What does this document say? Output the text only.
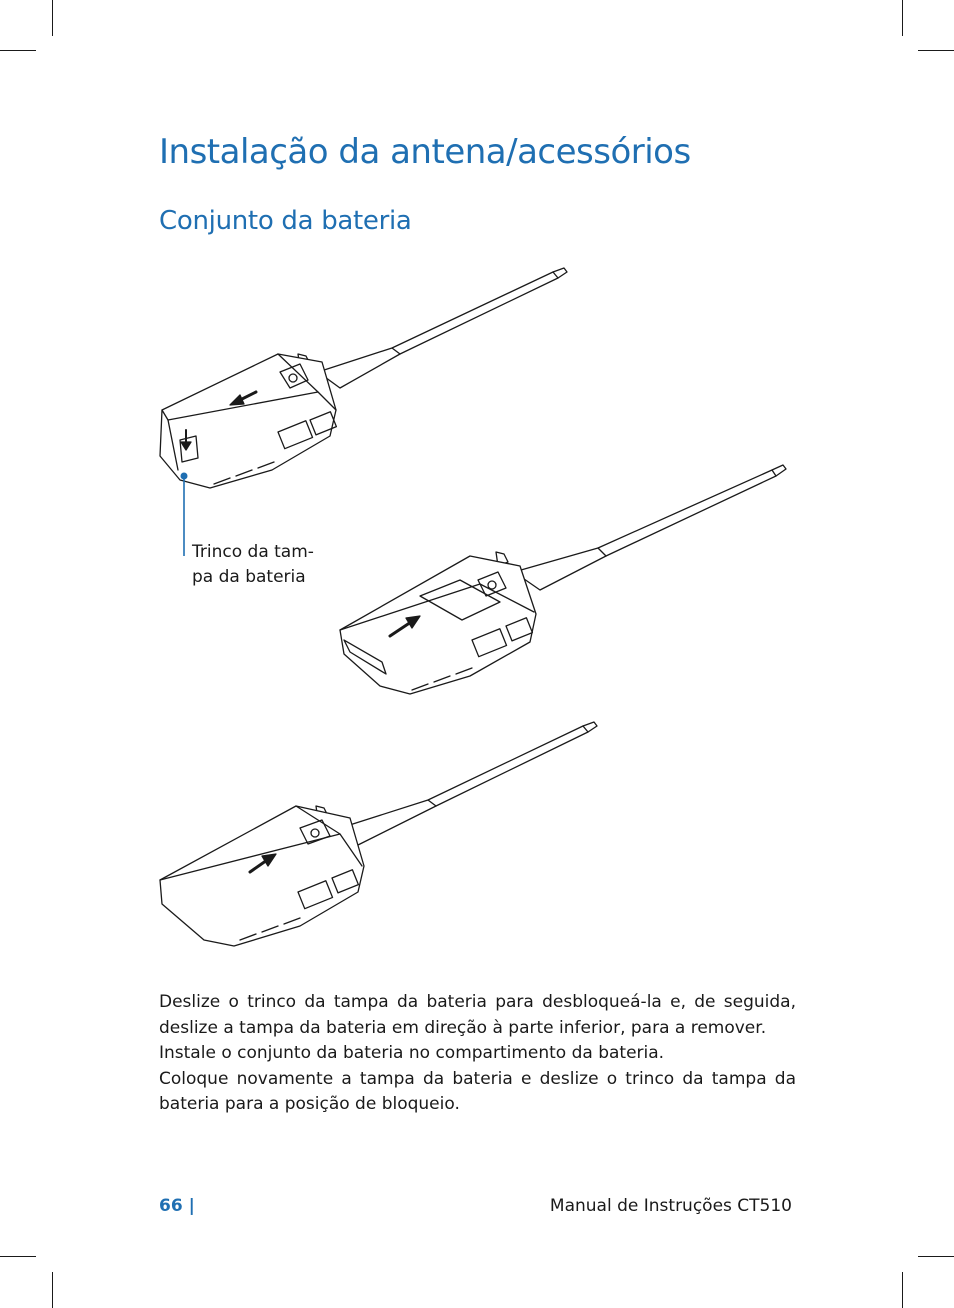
Instalação da antena/acessórios
Conjunto da bateria
Trinco da tam-
pa da bateria

Deslize o trinco da tampa da bateria para desbloqueá-la e, de seguida, deslize a tampa da bateria em direção à parte inferior, para a remover.

Instale o conjunto da bateria no compartimento da bateria.

Coloque novamente a tampa da bateria e deslize o trinco da tampa da bateria para a posição de bloqueio.

66 |	Manual de Instruções CT510
